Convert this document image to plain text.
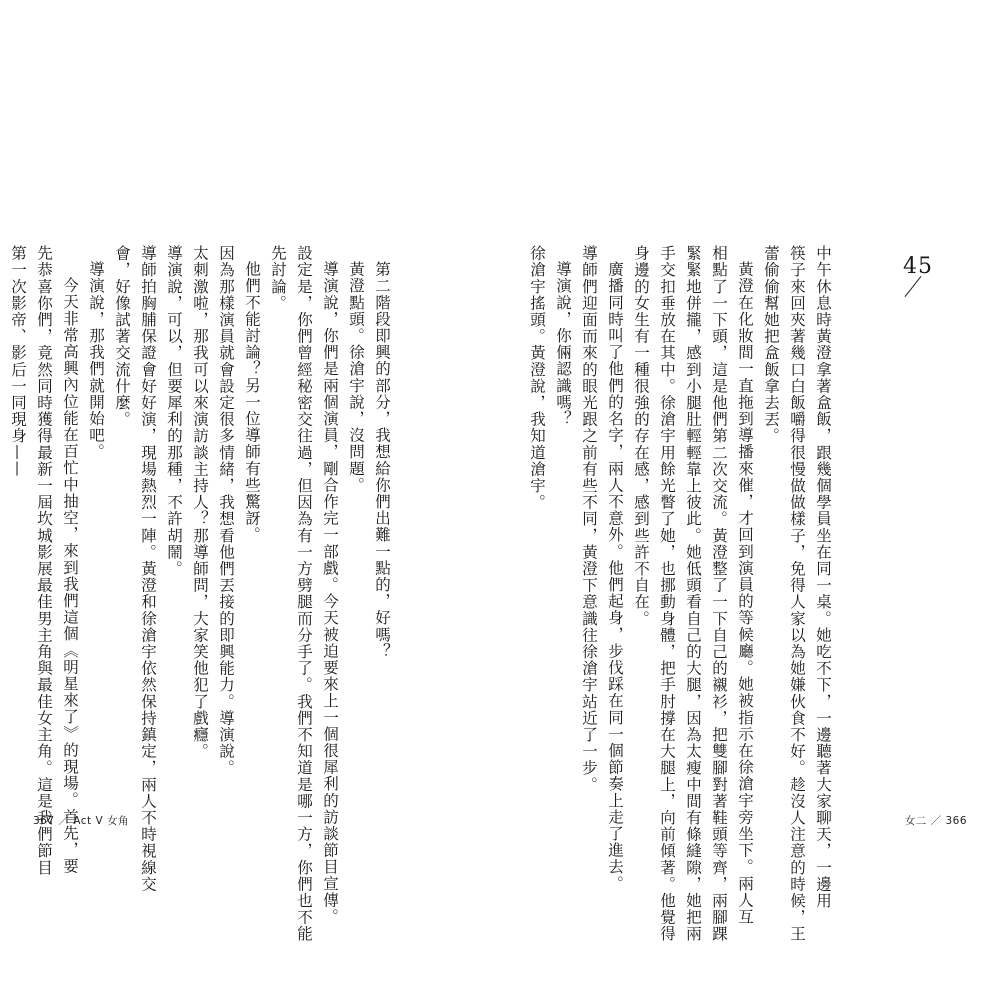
45
中午休息時黃澄拿著盒飯，跟幾個學員坐在同一桌。她吃不下，一邊聽著大家聊天，一邊用
筷子來回夾著幾口白飯嚼得很慢做做樣子，免得人家以為她嫌伙食不好。趁沒人注意的時候，王
蕾偷偷幫她把盒飯拿去丟。
黃澄在化妝間一直拖到導播來催，才回到演員的等候廳。她被指示在徐滄宇旁坐下。兩人互
相點了一下頭，這是他們第二次交流。黃澄整了一下自己的襯衫，把雙腳對著鞋頭等齊，兩腳踝
緊緊地併攏，感到小腿肚輕輕靠上彼此。她低頭看自己的大腿，因為太瘦中間有條縫隙，她把兩
手交扣垂放在其中。徐滄宇用餘光瞥了她，也挪動身體，把手肘撐在大腿上，向前傾著。他覺得
身邊的女生有一種很強的存在感，感到些許不自在。
廣播同時叫了他們的名字，兩人不意外。他們起身，步伐踩在同一個節奏上走了進去。
導師們迎面而來的眼光跟之前有些不同，黃澄下意識往徐滄宇站近了一步。
導演說，你倆認識嗎？
徐滄宇搖頭。黃澄說，我知道滄宇。
女二 ／ 366
第二階段即興的部分，我想給你們出難一點的，好嗎？
黃澄點頭。徐滄宇說，沒問題。
導演說，你們是兩個演員，剛合作完一部戲。今天被迫要來上一個很犀利的訪談節目宣傳。
設定是，你們曾經秘密交往過，但因為有一方劈腿而分手了。我們不知道是哪一方，你們也不能
先討論。
他們不能討論？另一位導師有些驚訝。
因為那樣演員就會設定很多情緒，我想看他們丟接的即興能力。導演說。
太刺激啦，那我可以來演訪談主持人？那導師問，大家笑他犯了戲癮。
導演說，可以，但要犀利的那種，不許胡鬧。
導師拍胸脯保證會好好演，現場熱烈一陣。黃澄和徐滄宇依然保持鎮定，兩人不時視線交
會，好像試著交流什麼。
導演說，那我們就開始吧。
今天非常高興內位能在百忙中抽空，來到我們這個《明星來了》的現場。首先，要
先恭喜你們，竟然同時獲得最新一屆坎城影展最佳男主角與最佳女主角。這是我們節目
第一次影帝、影后一同現身——
367 ／ Act V 女角
